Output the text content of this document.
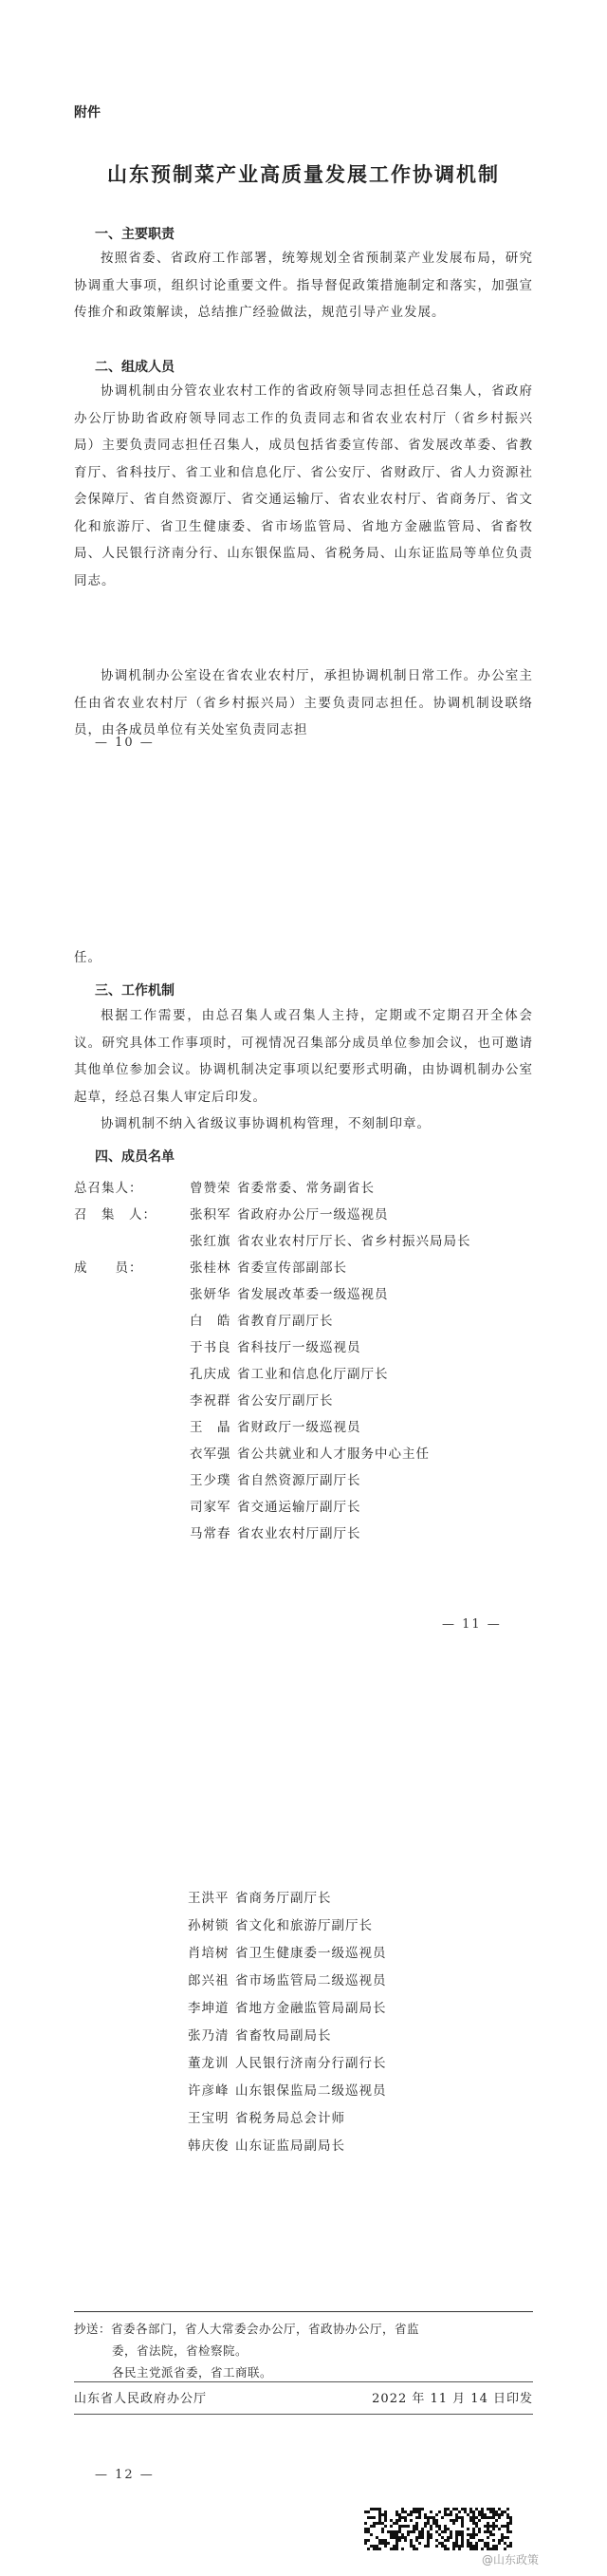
附件
山东预制菜产业高质量发展工作协调机制
一、主要职责
按照省委、省政府工作部署，统筹规划全省预制菜产业发展布局，研究协调重大事项，组织讨论重要文件。指导督促政策措施制定和落实，加强宣传推介和政策解读，总结推广经验做法，规范引导产业发展。
二、组成人员
协调机制由分管农业农村工作的省政府领导同志担任总召集人，省政府办公厅协助省政府领导同志工作的负责同志和省农业农村厅（省乡村振兴局）主要负责同志担任召集人，成员包括省委宣传部、省发展改革委、省教育厅、省科技厅、省工业和信息化厅、省公安厅、省财政厅、省人力资源社会保障厅、省自然资源厅、省交通运输厅、省农业农村厅、省商务厅、省文化和旅游厅、省卫生健康委、省市场监管局、省地方金融监管局、省畜牧局、人民银行济南分行、山东银保监局、省税务局、山东证监局等单位负责同志。
协调机制办公室设在省农业农村厅，承担协调机制日常工作。办公室主任由省农业农村厅（省乡村振兴局）主要负责同志担任。协调机制设联络员，由各成员单位有关处室负责同志担
— 10 —
任。
三、工作机制
根据工作需要，由总召集人或召集人主持，定期或不定期召开全体会议。研究具体工作事项时，可视情况召集部分成员单位参加会议，也可邀请其他单位参加会议。协调机制决定事项以纪要形式明确，由协调机制办公室起草，经总召集人审定后印发。
协调机制不纳入省级议事协调机构管理，不刻制印章。
四、成员名单
总召集人：	曾赞荣 省委常委、常务副省长
召　集　人：	张积军 省政府办公厅一级巡视员
张红旗 省农业农村厅厅长、省乡村振兴局局长
成　　员：	张桂林 省委宣传部副部长
张妍华 省发展改革委一级巡视员
白　皓 省教育厅副厅长
于书良 省科技厅一级巡视员
孔庆成 省工业和信息化厅副厅长
李祝群 省公安厅副厅长
王　晶 省财政厅一级巡视员
衣军强 省公共就业和人才服务中心主任
王少璞 省自然资源厅副厅长
司家军 省交通运输厅副厅长
马常春 省农业农村厅副厅长
— 11 —
王洪平 省商务厅副厅长
孙树锁 省文化和旅游厅副厅长
肖培树 省卫生健康委一级巡视员
郎兴祖 省市场监管局二级巡视员
李坤道 省地方金融监管局副局长
张乃清 省畜牧局副局长
董龙训 人民银行济南分行副行长
许彦峰 山东银保监局二级巡视员
王宝明 省税务局总会计师
韩庆俊 山东证监局副局长
抄送：省委各部门，省人大常委会办公厅，省政协办公厅，省监
委，省法院，省检察院。
各民主党派省委，省工商联。
山东省人民政府办公厅	2022 年 11 月 14 日印发
— 12 —
@山东政策
